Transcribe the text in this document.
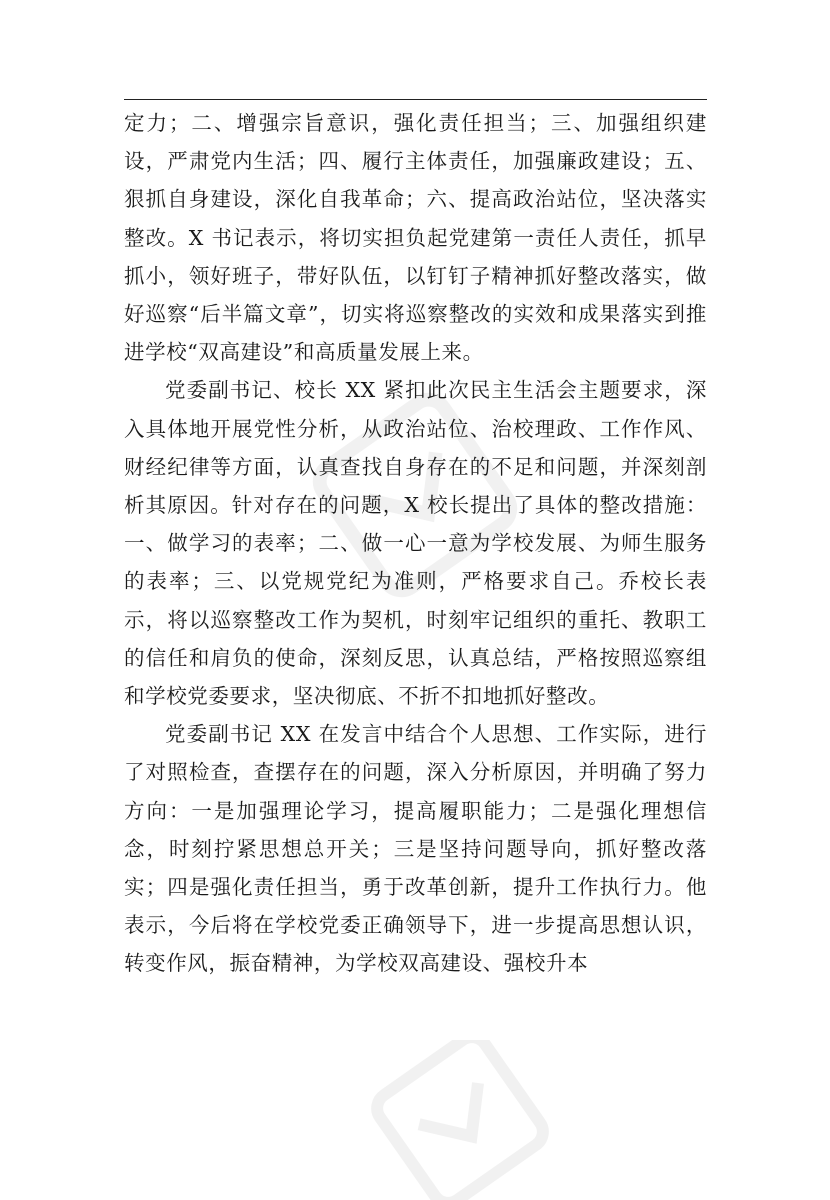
定力；二、增强宗旨意识，强化责任担当；三、加强组织建设，严肃党内生活；四、履行主体责任，加强廉政建设；五、狠抓自身建设，深化自我革命；六、提高政治站位，坚决落实整改。X 书记表示，将切实担负起党建第一责任人责任，抓早抓小，领好班子，带好队伍，以钉钉子精神抓好整改落实，做好巡察“后半篇文章”，切实将巡察整改的实效和成果落实到推进学校“双高建设”和高质量发展上来。

党委副书记、校长 XX 紧扣此次民主生活会主题要求，深入具体地开展党性分析，从政治站位、治校理政、工作作风、财经纪律等方面，认真查找自身存在的不足和问题，并深刻剖析其原因。针对存在的问题，X 校长提出了具体的整改措施：一、做学习的表率；二、做一心一意为学校发展、为师生服务的表率；三、以党规党纪为准则，严格要求自己。乔校长表示，将以巡察整改工作为契机，时刻牢记组织的重托、教职工的信任和肩负的使命，深刻反思，认真总结，严格按照巡察组和学校党委要求，坚决彻底、不折不扣地抓好整改。

党委副书记 XX 在发言中结合个人思想、工作实际，进行了对照检查，查摆存在的问题，深入分析原因，并明确了努力方向：一是加强理论学习，提高履职能力；二是强化理想信念，时刻拧紧思想总开关；三是坚持问题导向，抓好整改落实；四是强化责任担当，勇于改革创新，提升工作执行力。他表示，今后将在学校党委正确领导下，进一步提高思想认识，转变作风，振奋精神，为学校双高建设、强校升本
